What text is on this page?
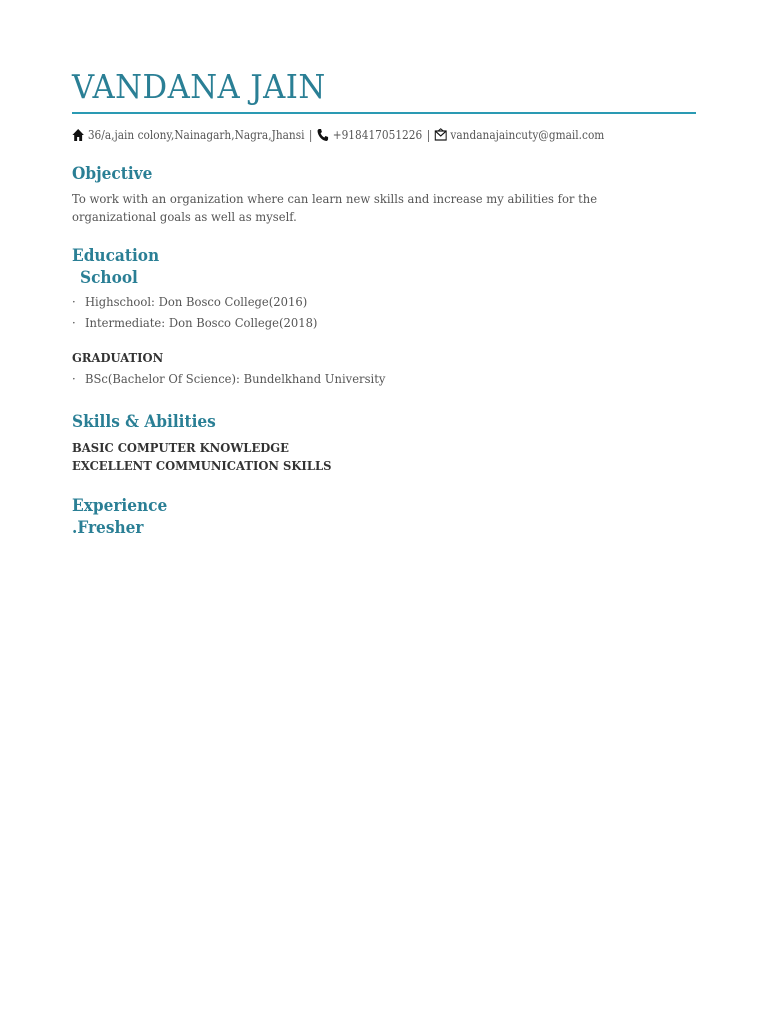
VANDANA JAIN
36/a,jain colony,Nainagarh,Nagra,Jhansi | +918417051226 | vandanajaincuty@gmail.com
Objective

To work with an organization where can learn new skills and increase my abilities for the organizational goals as well as myself.

Education
School
· Highschool: Don Bosco College(2016)
· Intermediate: Don Bosco College(2018)
GRADUATION
· BSc(Bachelor Of Science): Bundelkhand University
Skills & Abilities
BASIC COMPUTER KNOWLEDGE
EXCELLENT COMMUNICATION SKILLS
Experience
.Fresher
